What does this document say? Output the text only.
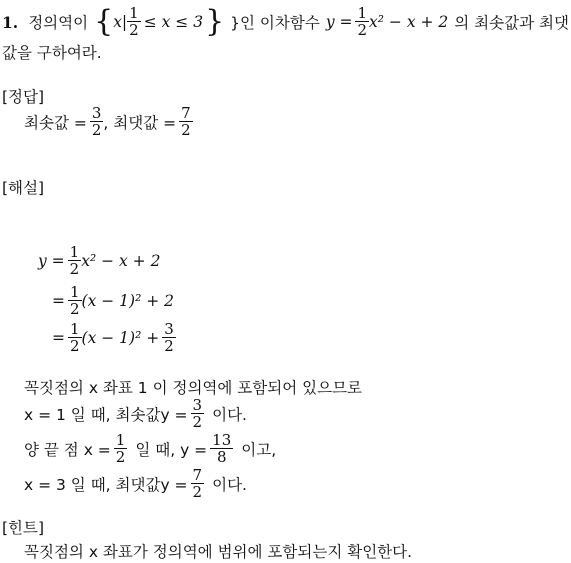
1. 정의역이 { $x| \frac{1}{2} \le x \le 3$ } }인 이차함수 $y = \frac{1}{2} x^2 - x + 2$ 의 최솟값과 최댓
값을 구하여라.
[정답]
최솟값 = $\frac{3}{2}$ , 최댓값 = $\frac{7}{2}$
[해설]
$y = \frac{1}{2} x^2 - x + 2$
= $\frac{1}{2} (x - 1)^2 + 2$
= $\frac{1}{2} (x - 1)^2 + \frac{3}{2}$
꼭짓점의 x 좌표 1 이 정의역에 포함되어 있으므로
x = 1 일 때, 최솟값$y = \frac{3}{2}$ 이다.
양 끝 점 $x = \frac{1}{2}$ 일 때, $y = \frac{13}{8}$ 이고,
x = 3 일 때, 최댓값$y = \frac{7}{2}$ 이다.
[힌트]
꼭짓점의 x 좌표가 정의역에 범위에 포함되는지 확인한다.
